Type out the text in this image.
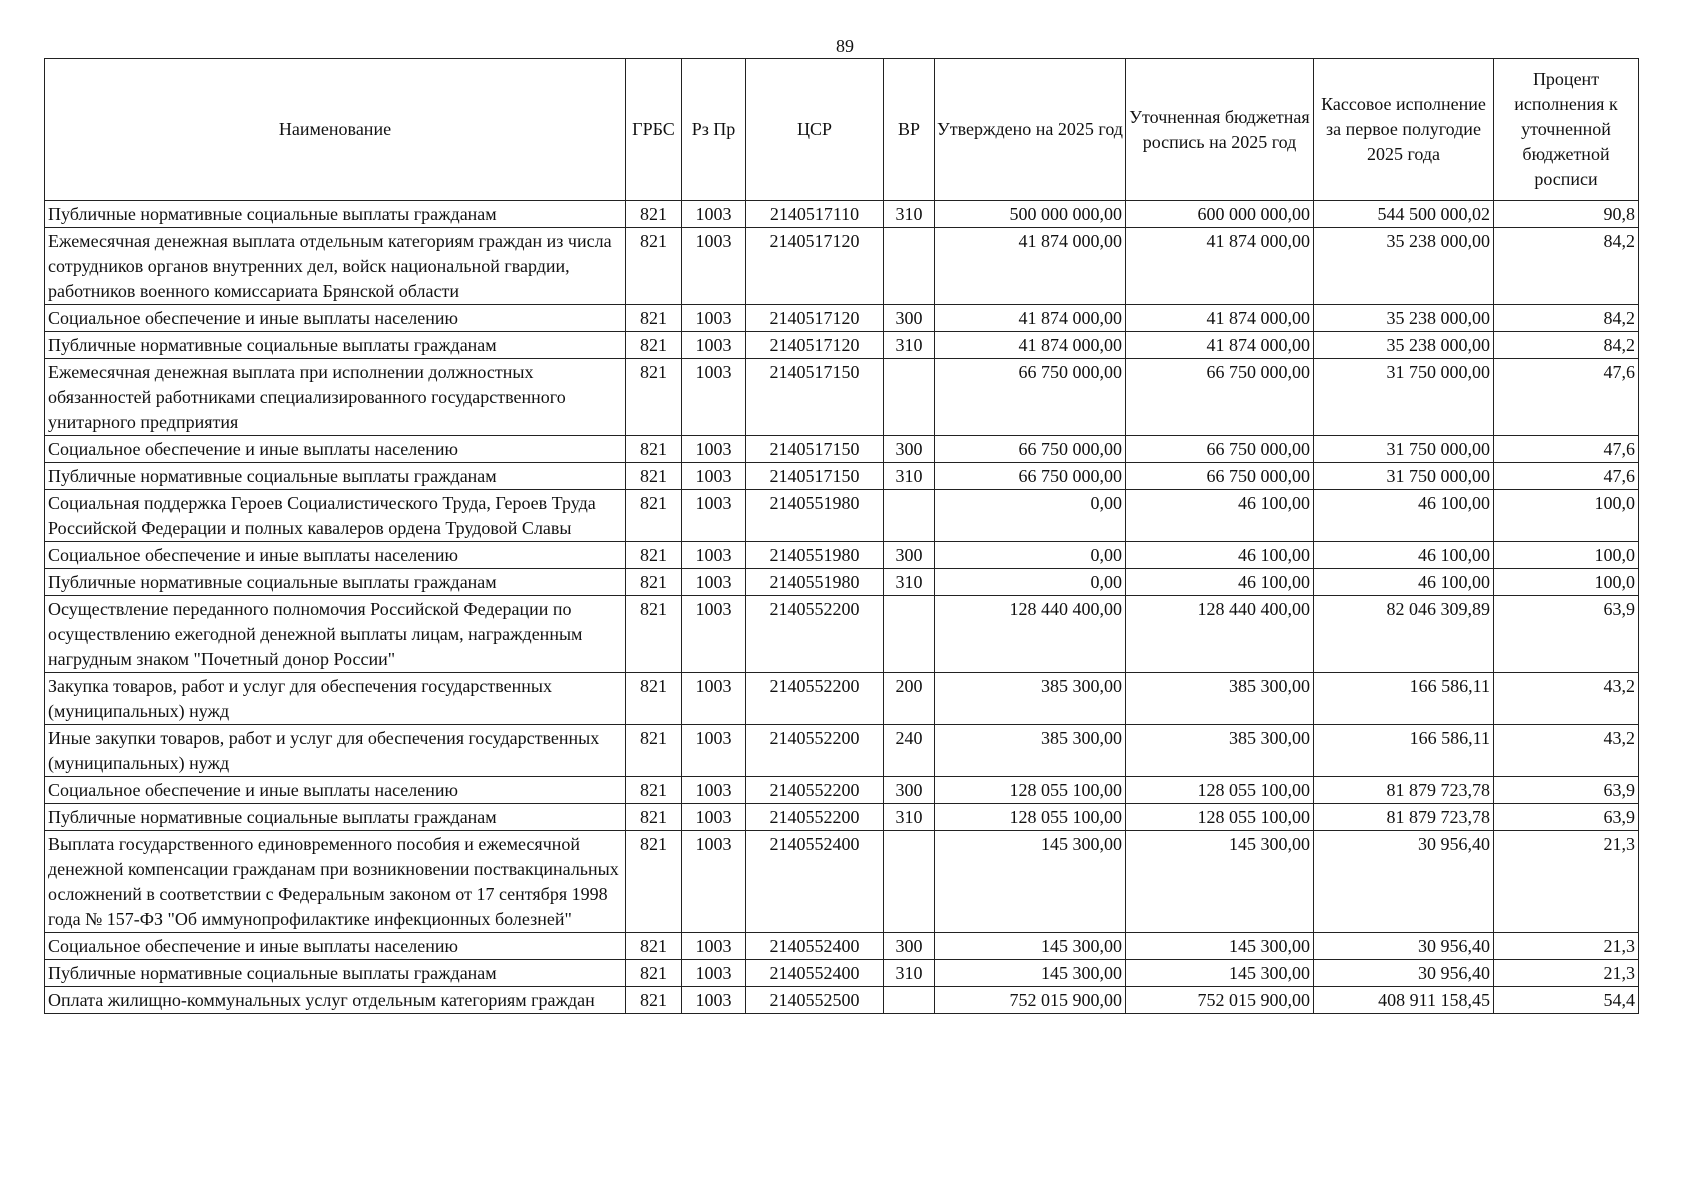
89
Наименование	ГРБС	Рз Пр	ЦСР	ВР	Утверждено на 2025 год	Уточненная бюджетная роспись на 2025 год	Кассовое исполнение за первое полугодие 2025 года	Процент исполнения к уточненной бюджетной росписи
Публичные нормативные социальные выплаты гражданам	821	1003	2140517110	310	500 000 000,00	600 000 000,00	544 500 000,02	90,8
Ежемесячная денежная выплата отдельным категориям граждан из числа сотрудников органов внутренних дел, войск национальной гвардии, работников военного комиссариата Брянской области	821	1003	2140517120		41 874 000,00	41 874 000,00	35 238 000,00	84,2
Социальное обеспечение и иные выплаты населению	821	1003	2140517120	300	41 874 000,00	41 874 000,00	35 238 000,00	84,2
Публичные нормативные социальные выплаты гражданам	821	1003	2140517120	310	41 874 000,00	41 874 000,00	35 238 000,00	84,2
Ежемесячная денежная выплата при исполнении должностных обязанностей работниками специализированного государственного унитарного предприятия	821	1003	2140517150		66 750 000,00	66 750 000,00	31 750 000,00	47,6
Социальное обеспечение и иные выплаты населению	821	1003	2140517150	300	66 750 000,00	66 750 000,00	31 750 000,00	47,6
Публичные нормативные социальные выплаты гражданам	821	1003	2140517150	310	66 750 000,00	66 750 000,00	31 750 000,00	47,6
Социальная поддержка Героев Социалистического Труда, Героев Труда Российской Федерации и полных кавалеров ордена Трудовой Славы	821	1003	2140551980		0,00	46 100,00	46 100,00	100,0
Социальное обеспечение и иные выплаты населению	821	1003	2140551980	300	0,00	46 100,00	46 100,00	100,0
Публичные нормативные социальные выплаты гражданам	821	1003	2140551980	310	0,00	46 100,00	46 100,00	100,0
Осуществление переданного полномочия Российской Федерации по осуществлению ежегодной денежной выплаты лицам, награжденным нагрудным знаком "Почетный донор России"	821	1003	2140552200		128 440 400,00	128 440 400,00	82 046 309,89	63,9
Закупка товаров, работ и услуг для обеспечения государственных (муниципальных) нужд	821	1003	2140552200	200	385 300,00	385 300,00	166 586,11	43,2
Иные закупки товаров, работ и услуг для обеспечения государственных (муниципальных) нужд	821	1003	2140552200	240	385 300,00	385 300,00	166 586,11	43,2
Социальное обеспечение и иные выплаты населению	821	1003	2140552200	300	128 055 100,00	128 055 100,00	81 879 723,78	63,9
Публичные нормативные социальные выплаты гражданам	821	1003	2140552200	310	128 055 100,00	128 055 100,00	81 879 723,78	63,9
Выплата государственного единовременного пособия и ежемесячной денежной компенсации гражданам при возникновении поствакцинальных осложнений в соответствии с Федеральным законом от 17 сентября 1998 года № 157-ФЗ "Об иммунопрофилактике инфекционных болезней"	821	1003	2140552400		145 300,00	145 300,00	30 956,40	21,3
Социальное обеспечение и иные выплаты населению	821	1003	2140552400	300	145 300,00	145 300,00	30 956,40	21,3
Публичные нормативные социальные выплаты гражданам	821	1003	2140552400	310	145 300,00	145 300,00	30 956,40	21,3
Оплата жилищно-коммунальных услуг отдельным категориям граждан	821	1003	2140552500		752 015 900,00	752 015 900,00	408 911 158,45	54,4
